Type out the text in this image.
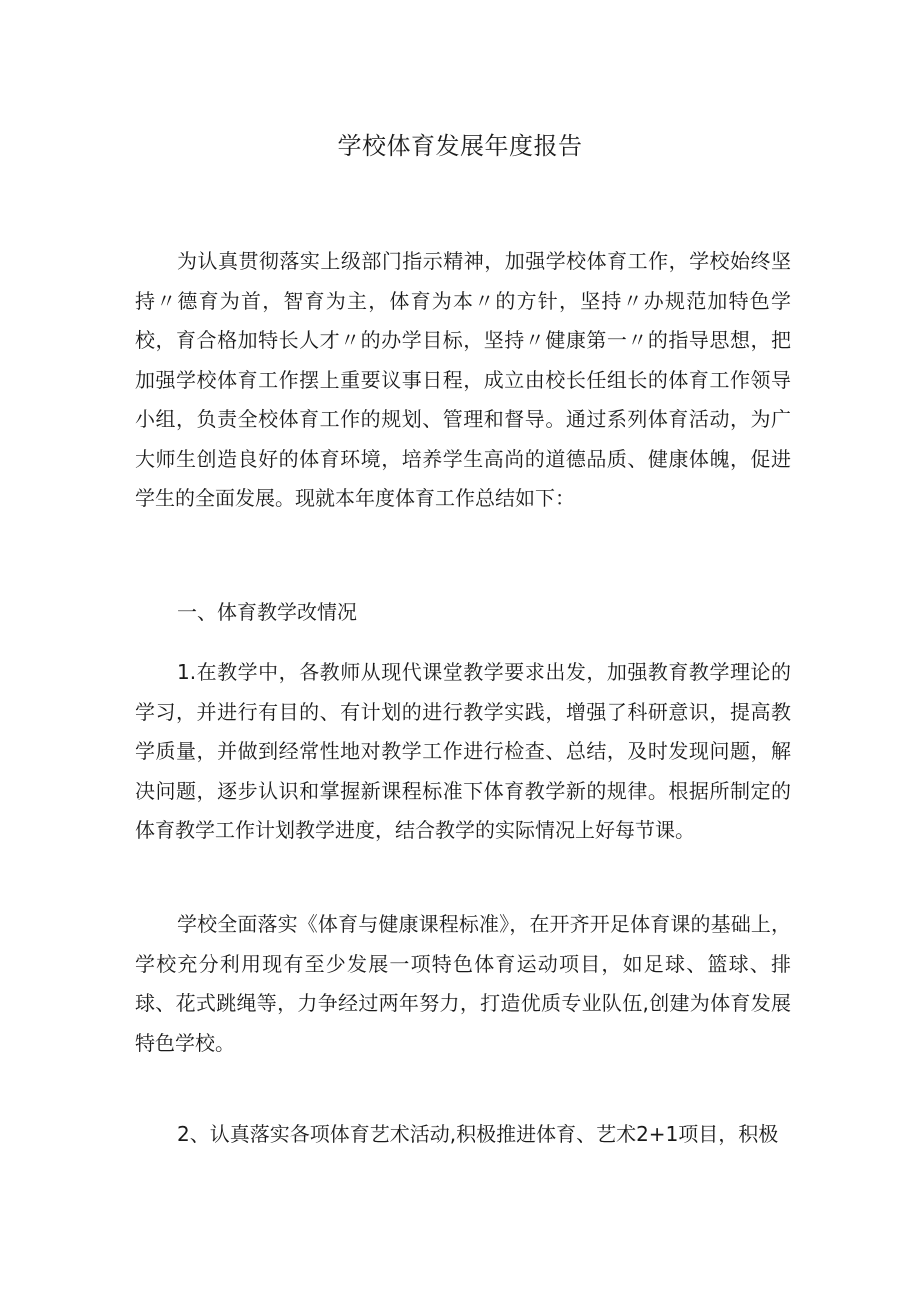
学校体育发展年度报告

为认真贯彻落实上级部门指示精神，加强学校体育工作，学校始终坚持〃德育为首，智育为主，体育为本〃的方针，坚持〃办规范加特色学校，育合格加特长人才〃的办学目标，坚持〃健康第一〃的指导思想，把加强学校体育工作摆上重要议事日程，成立由校长任组长的体育工作领导小组，负责全校体育工作的规划、管理和督导。通过系列体育活动，为广大师生创造良好的体育环境，培养学生高尚的道德品质、健康体魄，促进学生的全面发展。现就本年度体育工作总结如下：

一、体育教学改情况

1.在教学中，各教师从现代课堂教学要求出发，加强教育教学理论的学习，并进行有目的、有计划的进行教学实践，增强了科研意识，提高教学质量，并做到经常性地对教学工作进行检查、总结，及时发现问题，解决问题，逐步认识和掌握新课程标准下体育教学新的规律。根据所制定的体育教学工作计划教学进度，结合教学的实际情况上好每节课。

学校全面落实《体育与健康课程标准》，在开齐开足体育课的基础上，学校充分利用现有至少发展一项特色体育运动项目，如足球、篮球、排球、花式跳绳等，力争经过两年努力，打造优质专业队伍,创建为体育发展特色学校。

2、认真落实各项体育艺术活动,积极推进体育、艺术2+1项目，积极
